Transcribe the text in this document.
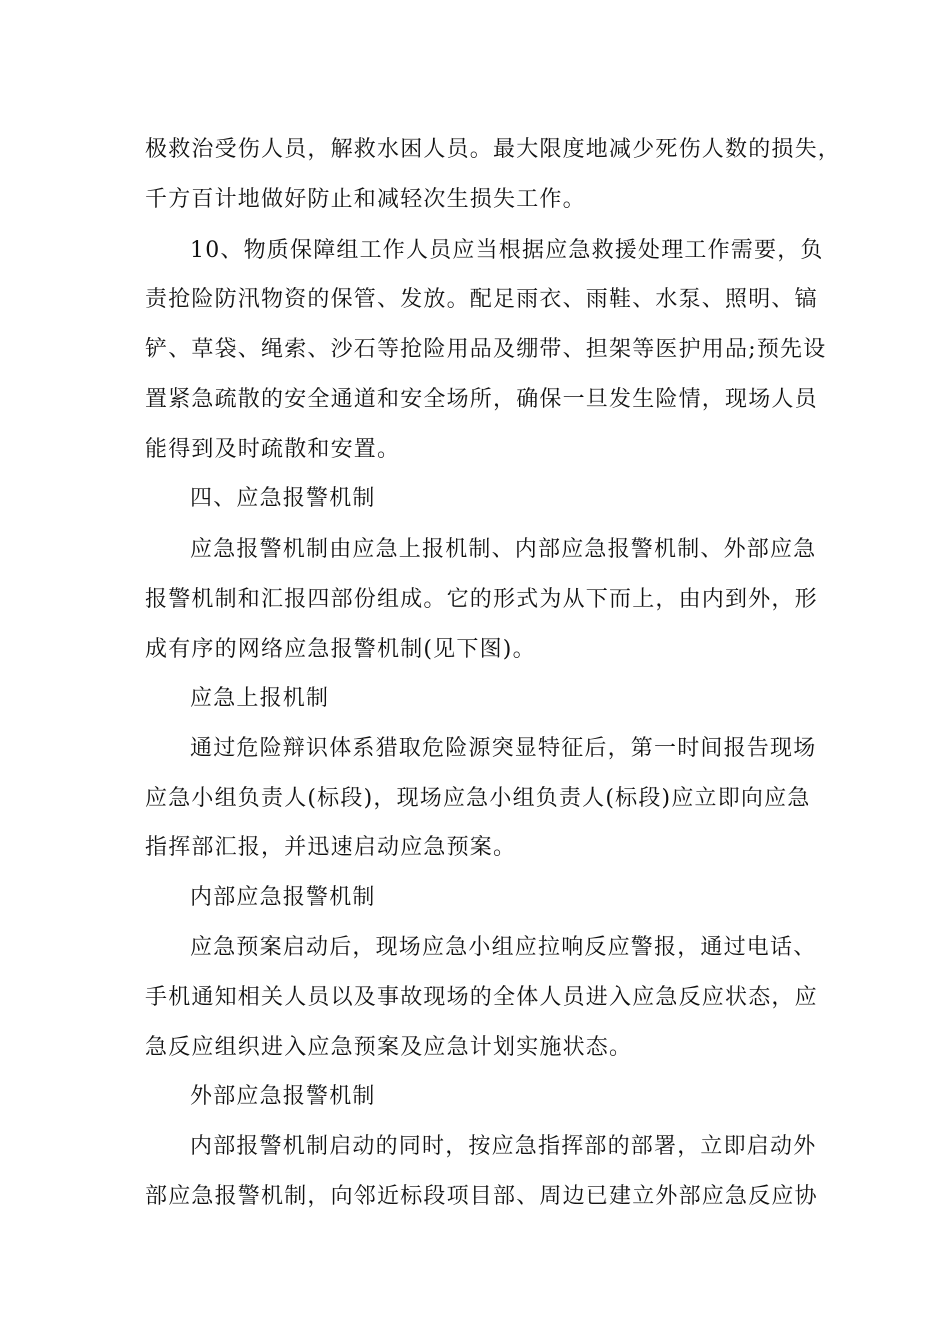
极救治受伤人员，解救水困人员。最大限度地减少死伤人数的损失，
千方百计地做好防止和减轻次生损失工作。
10、物质保障组工作人员应当根据应急救援处理工作需要，负
责抢险防汛物资的保管、发放。配足雨衣、雨鞋、水泵、照明、镐
铲、草袋、绳索、沙石等抢险用品及绷带、担架等医护用品;预先设
置紧急疏散的安全通道和安全场所，确保一旦发生险情，现场人员
能得到及时疏散和安置。
四、应急报警机制
应急报警机制由应急上报机制、内部应急报警机制、外部应急
报警机制和汇报四部份组成。它的形式为从下而上，由内到外，形
成有序的网络应急报警机制(见下图)。
应急上报机制
通过危险辩识体系猎取危险源突显特征后，第一时间报告现场
应急小组负责人(标段)，现场应急小组负责人(标段)应立即向应急
指挥部汇报，并迅速启动应急预案。
内部应急报警机制
应急预案启动后，现场应急小组应拉响反应警报，通过电话、
手机通知相关人员以及事故现场的全体人员进入应急反应状态，应
急反应组织进入应急预案及应急计划实施状态。
外部应急报警机制
内部报警机制启动的同时，按应急指挥部的部署，立即启动外
部应急报警机制，向邻近标段项目部、周边已建立外部应急反应协
